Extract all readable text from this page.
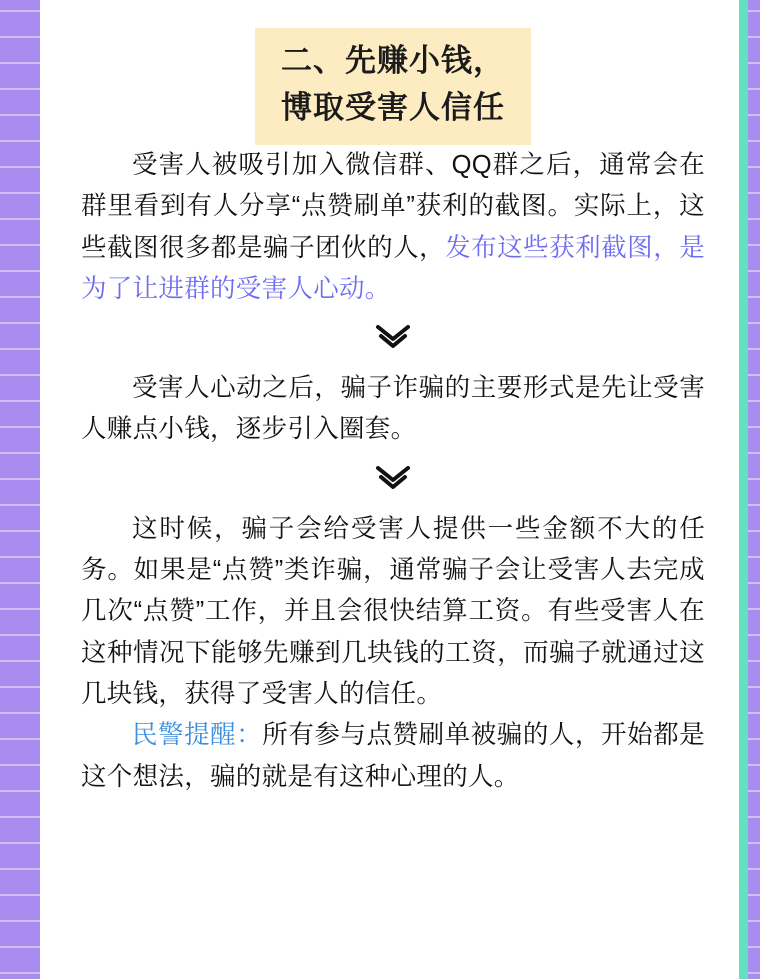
二、先赚小钱，
博取受害人信任

受害人被吸引加入微信群、QQ群之后，通常会在群里看到有人分享“点赞刷单”获利的截图。实际上，这些截图很多都是骗子团伙的人，发布这些获利截图，是为了让进群的受害人心动。

受害人心动之后，骗子诈骗的主要形式是先让受害人赚点小钱，逐步引入圈套。

这时候，骗子会给受害人提供一些金额不大的任务。如果是“点赞”类诈骗，通常骗子会让受害人去完成几次“点赞”工作，并且会很快结算工资。有些受害人在这种情况下能够先赚到几块钱的工资，而骗子就通过这几块钱，获得了受害人的信任。

民警提醒：所有参与点赞刷单被骗的人，开始都是这个想法，骗的就是有这种心理的人。
